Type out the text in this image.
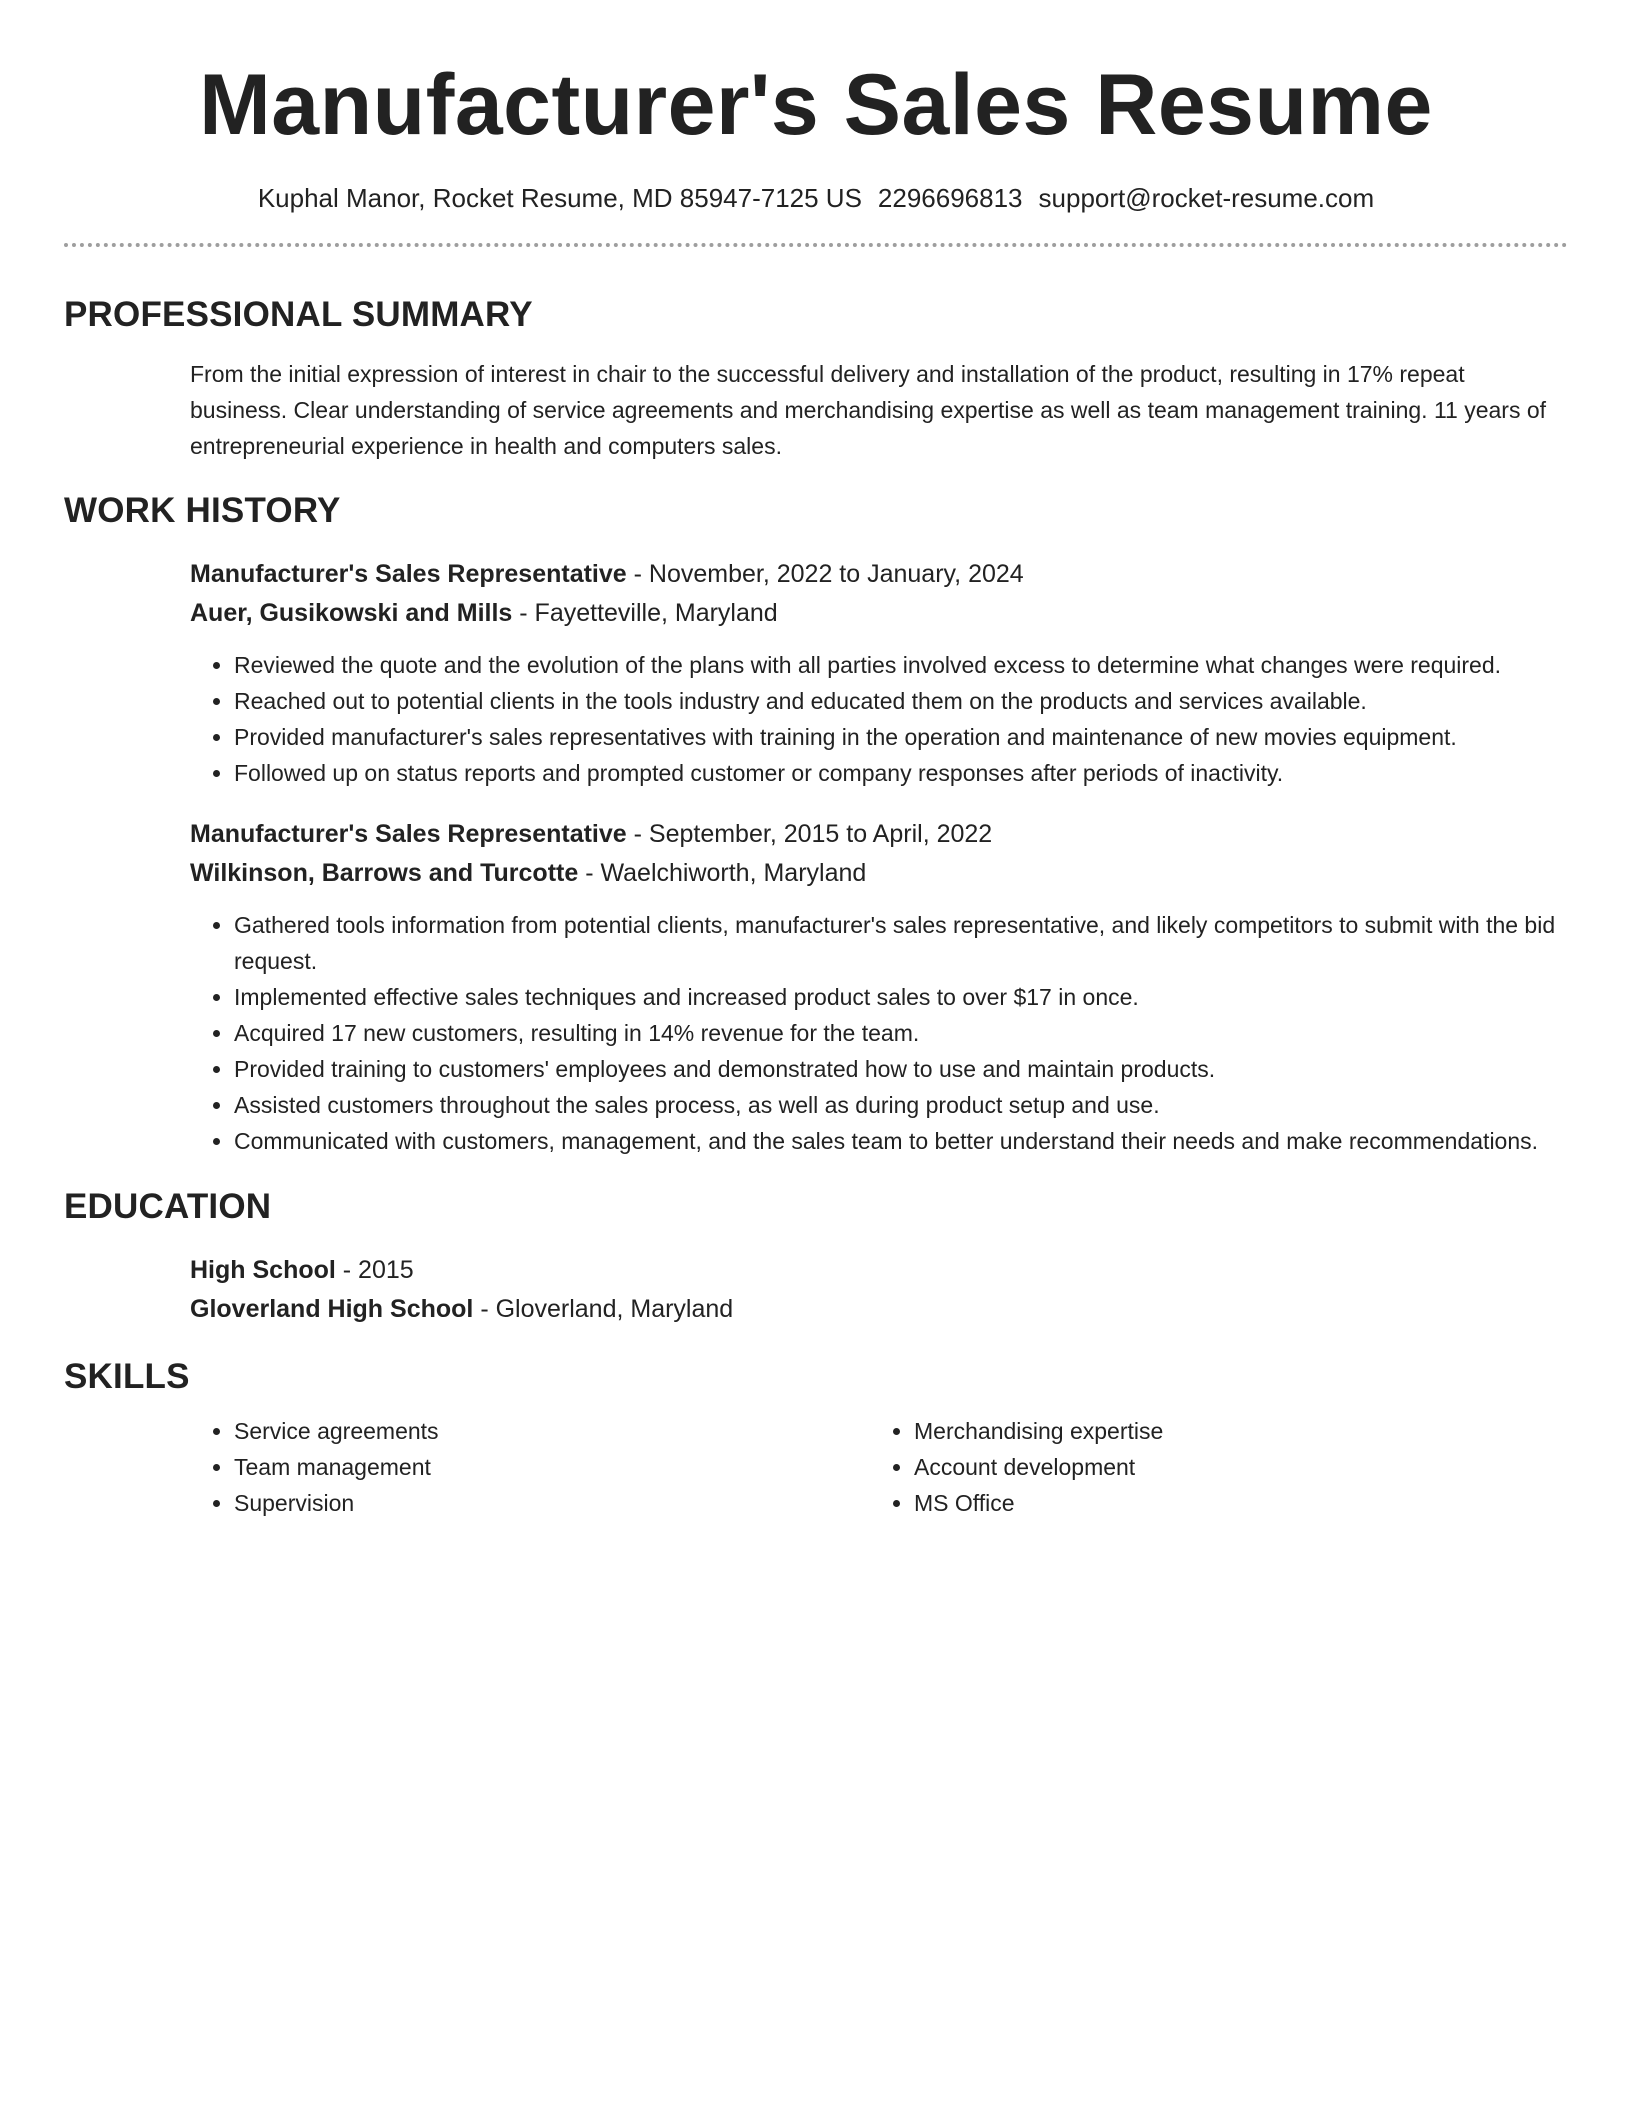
Manufacturer's Sales Resume
Kuphal Manor, Rocket Resume, MD 85947-7125 US 2296696813 support@rocket-resume.com
PROFESSIONAL SUMMARY
From the initial expression of interest in chair to the successful delivery and installation of the product, resulting in 17% repeat business. Clear understanding of service agreements and merchandising expertise as well as team management training. 11 years of entrepreneurial experience in health and computers sales.
WORK HISTORY
Manufacturer's Sales Representative - November, 2022 to January, 2024
Auer, Gusikowski and Mills - Fayetteville, Maryland
• Reviewed the quote and the evolution of the plans with all parties involved excess to determine what changes were required.
• Reached out to potential clients in the tools industry and educated them on the products and services available.
• Provided manufacturer's sales representatives with training in the operation and maintenance of new movies equipment.
• Followed up on status reports and prompted customer or company responses after periods of inactivity.
Manufacturer's Sales Representative - September, 2015 to April, 2022
Wilkinson, Barrows and Turcotte - Waelchiworth, Maryland
• Gathered tools information from potential clients, manufacturer's sales representative, and likely competitors to submit with the bid request.
• Implemented effective sales techniques and increased product sales to over $17 in once.
• Acquired 17 new customers, resulting in 14% revenue for the team.
• Provided training to customers' employees and demonstrated how to use and maintain products.
• Assisted customers throughout the sales process, as well as during product setup and use.
• Communicated with customers, management, and the sales team to better understand their needs and make recommendations.
EDUCATION
High School - 2015
Gloverland High School - Gloverland, Maryland
SKILLS
• Service agreements
• Team management
• Supervision
• Merchandising expertise
• Account development
• MS Office
